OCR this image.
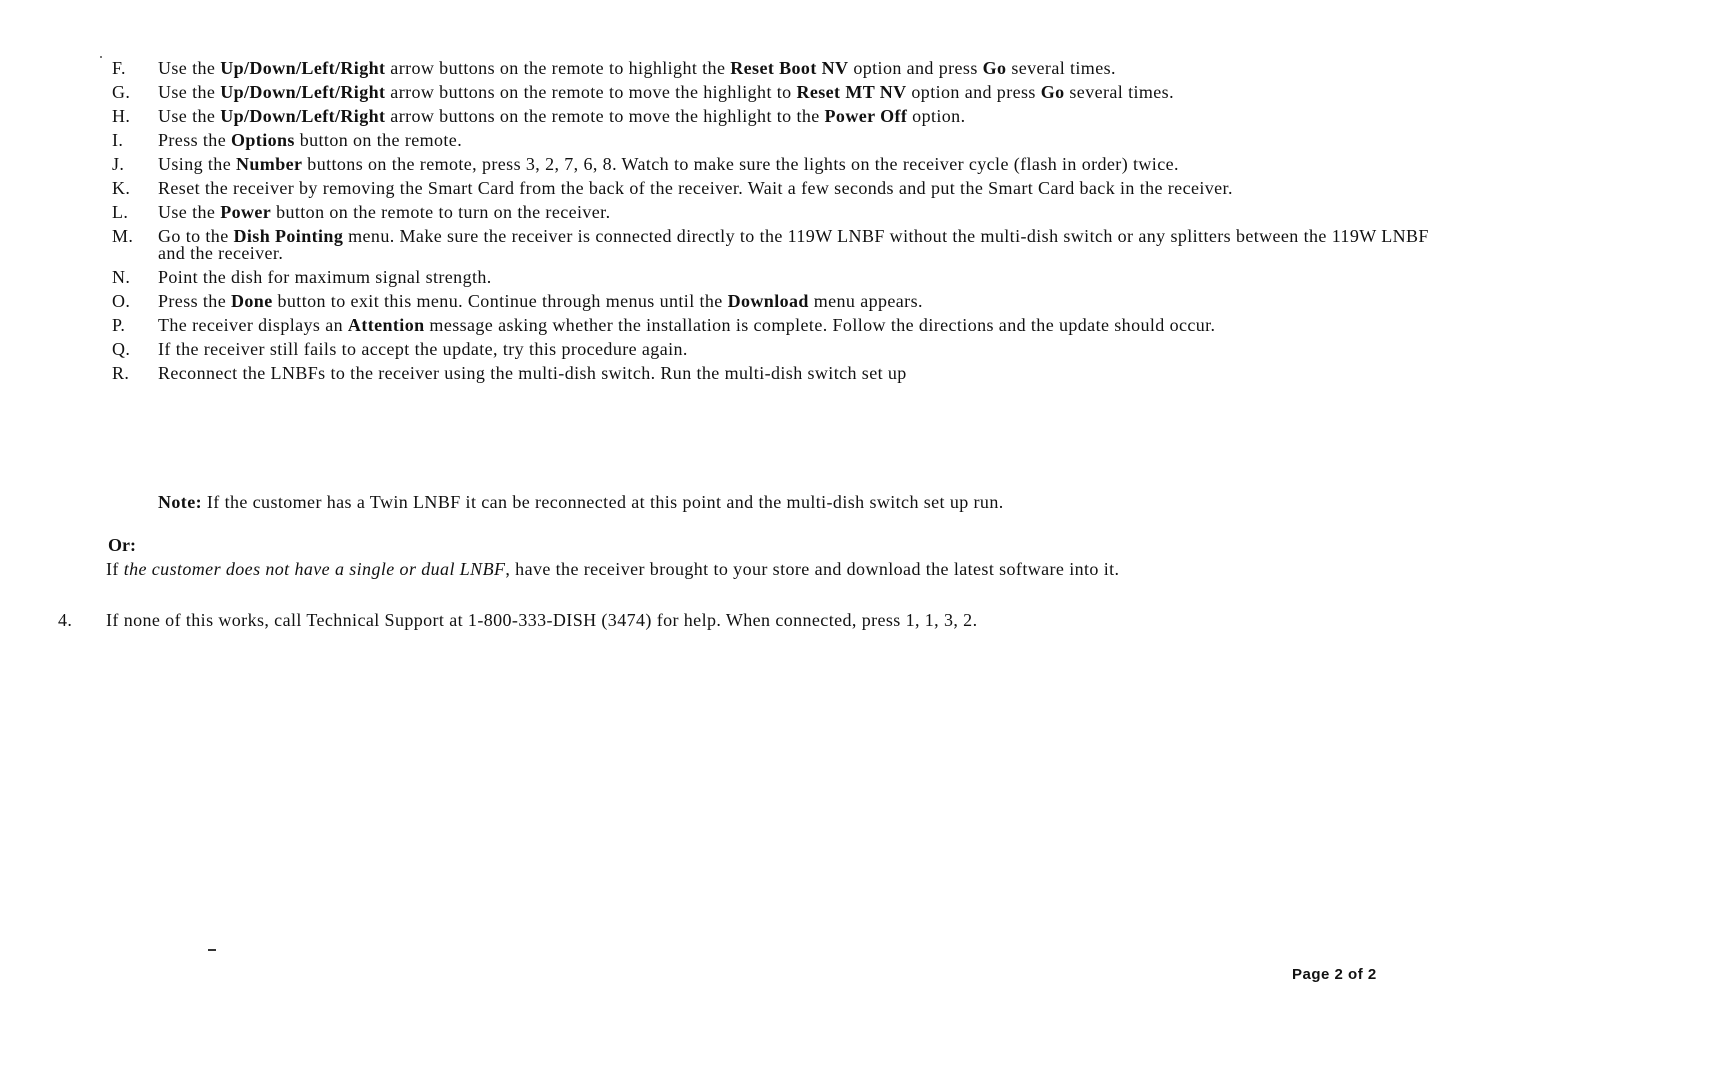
F. Use the Up/Down/Left/Right arrow buttons on the remote to highlight the Reset Boot NV option and press Go several times.
G. Use the Up/Down/Left/Right arrow buttons on the remote to move the highlight to Reset MT NV option and press Go several times.
H. Use the Up/Down/Left/Right arrow buttons on the remote to move the highlight to the Power Off option.
I. Press the Options button on the remote.
J. Using the Number buttons on the remote, press 3, 2, 7, 6, 8. Watch to make sure the lights on the receiver cycle (flash in order) twice.
K. Reset the receiver by removing the Smart Card from the back of the receiver. Wait a few seconds and put the Smart Card back in the receiver.
L. Use the Power button on the remote to turn on the receiver.
M. Go to the Dish Pointing menu. Make sure the receiver is connected directly to the 119W LNBF without the multi-dish switch or any splitters between the 119W LNBF and the receiver.
N. Point the dish for maximum signal strength.
O. Press the Done button to exit this menu. Continue through menus until the Download menu appears.
P. The receiver displays an Attention message asking whether the installation is complete. Follow the directions and the update should occur.
Q. If the receiver still fails to accept the update, try this procedure again.
R. Reconnect the LNBFs to the receiver using the multi-dish switch. Run the multi-dish switch set up
Note: If the customer has a Twin LNBF it can be reconnected at this point and the multi-dish switch set up run.
Or:
If the customer does not have a single or dual LNBF, have the receiver brought to your store and download the latest software into it.
4. If none of this works, call Technical Support at 1-800-333-DISH (3474) for help. When connected, press 1, 1, 3, 2.
Page 2 of 2
